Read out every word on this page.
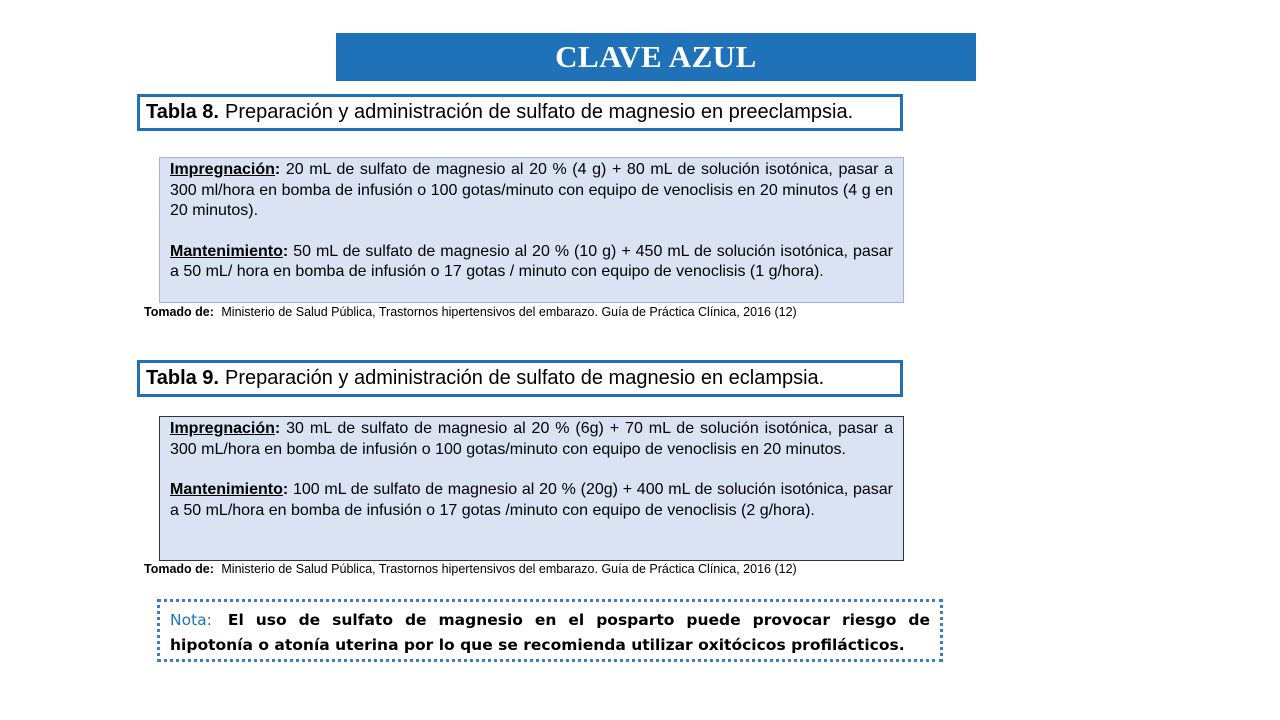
CLAVE AZUL
Tabla 8. Preparación y administración de sulfato de magnesio en preeclampsia.

Impregnación: 20 mL de sulfato de magnesio al 20 % (4 g) + 80 mL de solución isotónica, pasar a 300 ml/hora en bomba de infusión o 100 gotas/minuto con equipo de venoclisis en 20 minutos (4 g en 20 minutos).

Mantenimiento: 50 mL de sulfato de magnesio al 20 % (10 g) + 450 mL de solución isotónica, pasar a 50 mL/ hora en bomba de infusión o 17 gotas / minuto con equipo de venoclisis (1 g/hora).

Tomado de: Ministerio de Salud Pública, Trastornos hipertensivos del embarazo. Guía de Práctica Clínica, 2016 (12)
Tabla 9. Preparación y administración de sulfato de magnesio en eclampsia.

Impregnación: 30 mL de sulfato de magnesio al 20 % (6g) + 70 mL de solución isotónica, pasar a 300 mL/hora en bomba de infusión o 100 gotas/minuto con equipo de venoclisis en 20 minutos.

Mantenimiento: 100 mL de sulfato de magnesio al 20 % (20g) + 400 mL de solución isotónica, pasar a 50 mL/hora en bomba de infusión o 17 gotas /minuto con equipo de venoclisis (2 g/hora).

Tomado de: Ministerio de Salud Pública, Trastornos hipertensivos del embarazo. Guía de Práctica Clínica, 2016 (12)
Nota: El uso de sulfato de magnesio en el posparto puede provocar riesgo de hipotonía o atonía uterina por lo que se recomienda utilizar oxitócicos profilácticos.
